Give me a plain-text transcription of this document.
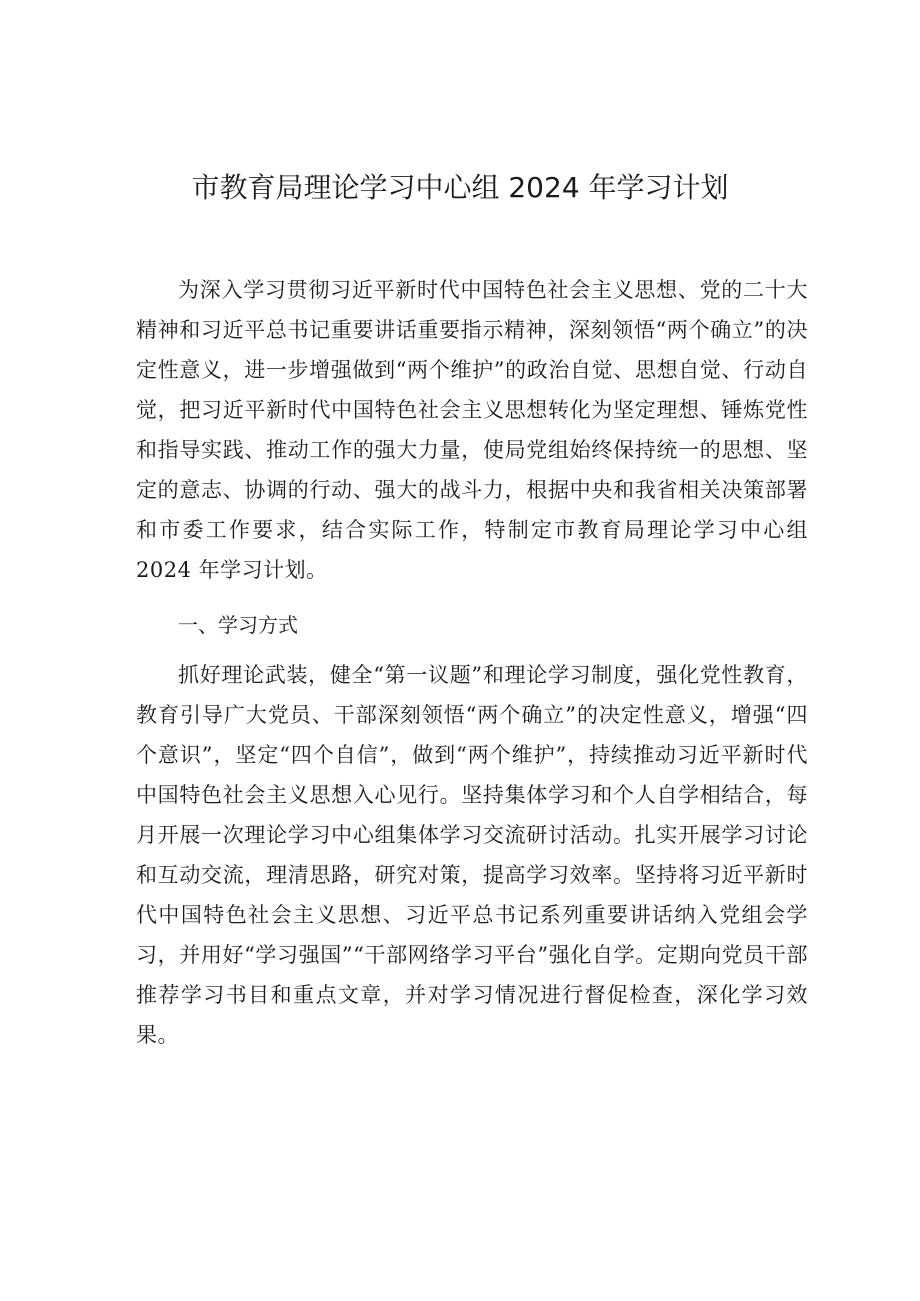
市教育局理论学习中心组 2024 年学习计划

为深入学习贯彻习近平新时代中国特色社会主义思想、党的二十大精神和习近平总书记重要讲话重要指示精神，深刻领悟“两个确立”的决定性意义，进一步增强做到“两个维护”的政治自觉、思想自觉、行动自觉，把习近平新时代中国特色社会主义思想转化为坚定理想、锤炼党性和指导实践、推动工作的强大力量，使局党组始终保持统一的思想、坚定的意志、协调的行动、强大的战斗力，根据中央和我省相关决策部署和市委工作要求，结合实际工作，特制定市教育局理论学习中心组 2024 年学习计划。

一、学习方式

抓好理论武装，健全“第一议题”和理论学习制度，强化党性教育，教育引导广大党员、干部深刻领悟“两个确立”的决定性意义，增强“四个意识”，坚定“四个自信”，做到“两个维护”，持续推动习近平新时代中国特色社会主义思想入心见行。坚持集体学习和个人自学相结合，每月开展一次理论学习中心组集体学习交流研讨活动。扎实开展学习讨论和互动交流，理清思路，研究对策，提高学习效率。坚持将习近平新时代中国特色社会主义思想、习近平总书记系列重要讲话纳入党组会学习，并用好“学习强国”“干部网络学习平台”强化自学。定期向党员干部推荐学习书目和重点文章，并对学习情况进行督促检查，深化学习效果。
